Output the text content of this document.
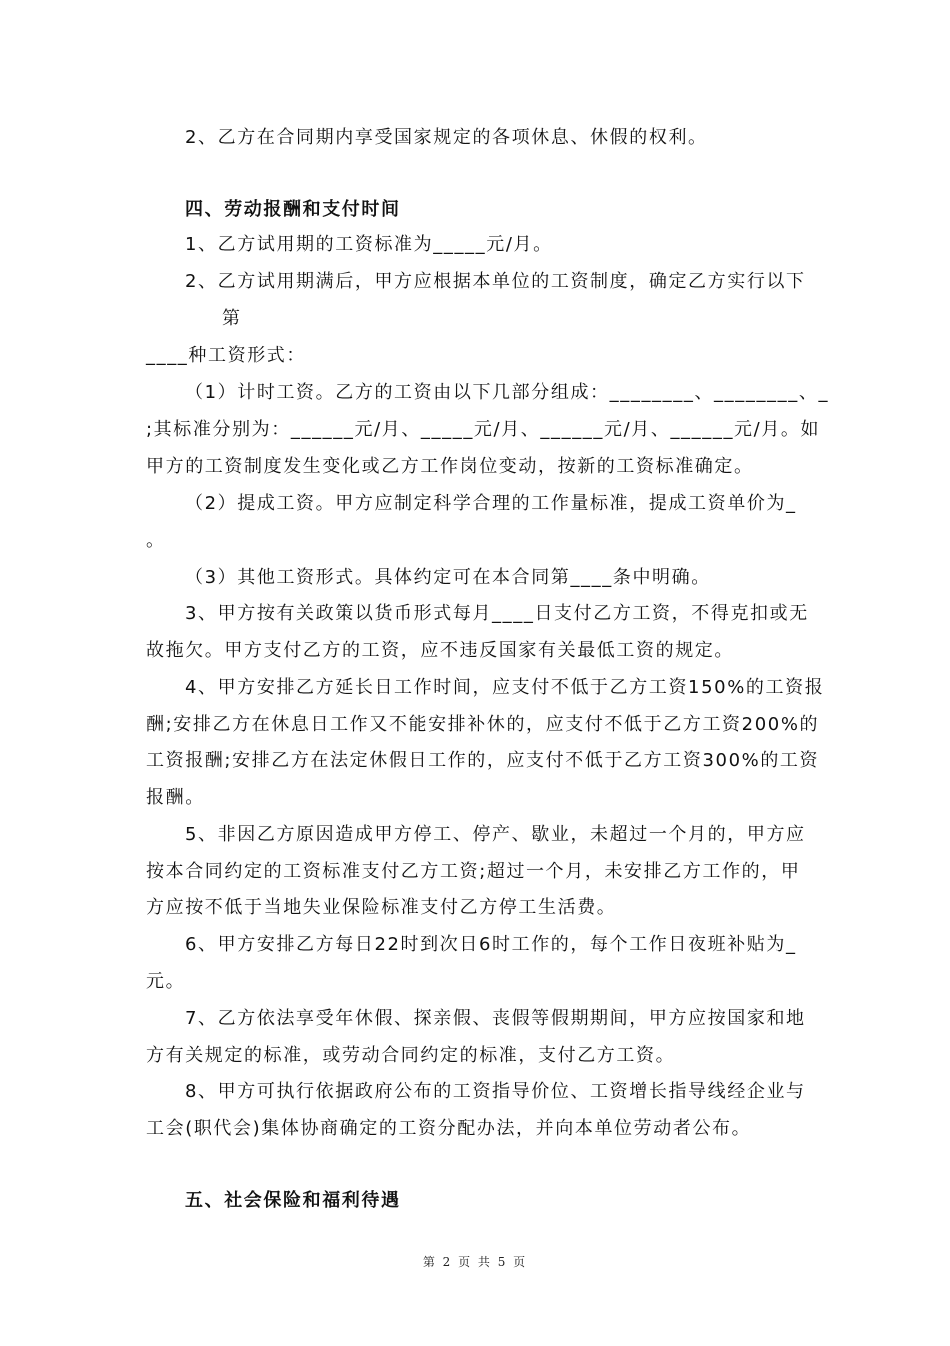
2、乙方在合同期内享受国家规定的各项休息、休假的权利。
四、劳动报酬和支付时间
1、乙方试用期的工资标准为_____元/月。
2、乙方试用期满后，甲方应根据本单位的工资制度，确定乙方实行以下
第
____种工资形式：
（1）计时工资。乙方的工资由以下几部分组成：________、________、_
;其标准分别为：______元/月、_____元/月、______元/月、______元/月。如
甲方的工资制度发生变化或乙方工作岗位变动，按新的工资标准确定。
（2）提成工资。甲方应制定科学合理的工作量标准，提成工资单价为_
。
（3）其他工资形式。具体约定可在本合同第____条中明确。
3、甲方按有关政策以货币形式每月____日支付乙方工资，不得克扣或无
故拖欠。甲方支付乙方的工资，应不违反国家有关最低工资的规定。
4、甲方安排乙方延长日工作时间，应支付不低于乙方工资150%的工资报
酬;安排乙方在休息日工作又不能安排补休的，应支付不低于乙方工资200%的
工资报酬;安排乙方在法定休假日工作的，应支付不低于乙方工资300%的工资
报酬。
5、非因乙方原因造成甲方停工、停产、歇业，未超过一个月的，甲方应
按本合同约定的工资标准支付乙方工资;超过一个月，未安排乙方工作的，甲
方应按不低于当地失业保险标准支付乙方停工生活费。
6、甲方安排乙方每日22时到次日6时工作的，每个工作日夜班补贴为_
元。
7、乙方依法享受年休假、探亲假、丧假等假期期间，甲方应按国家和地
方有关规定的标准，或劳动合同约定的标准，支付乙方工资。
8、甲方可执行依据政府公布的工资指导价位、工资增长指导线经企业与
工会(职代会)集体协商确定的工资分配办法，并向本单位劳动者公布。
五、社会保险和福利待遇
第 2 页 共 5 页
